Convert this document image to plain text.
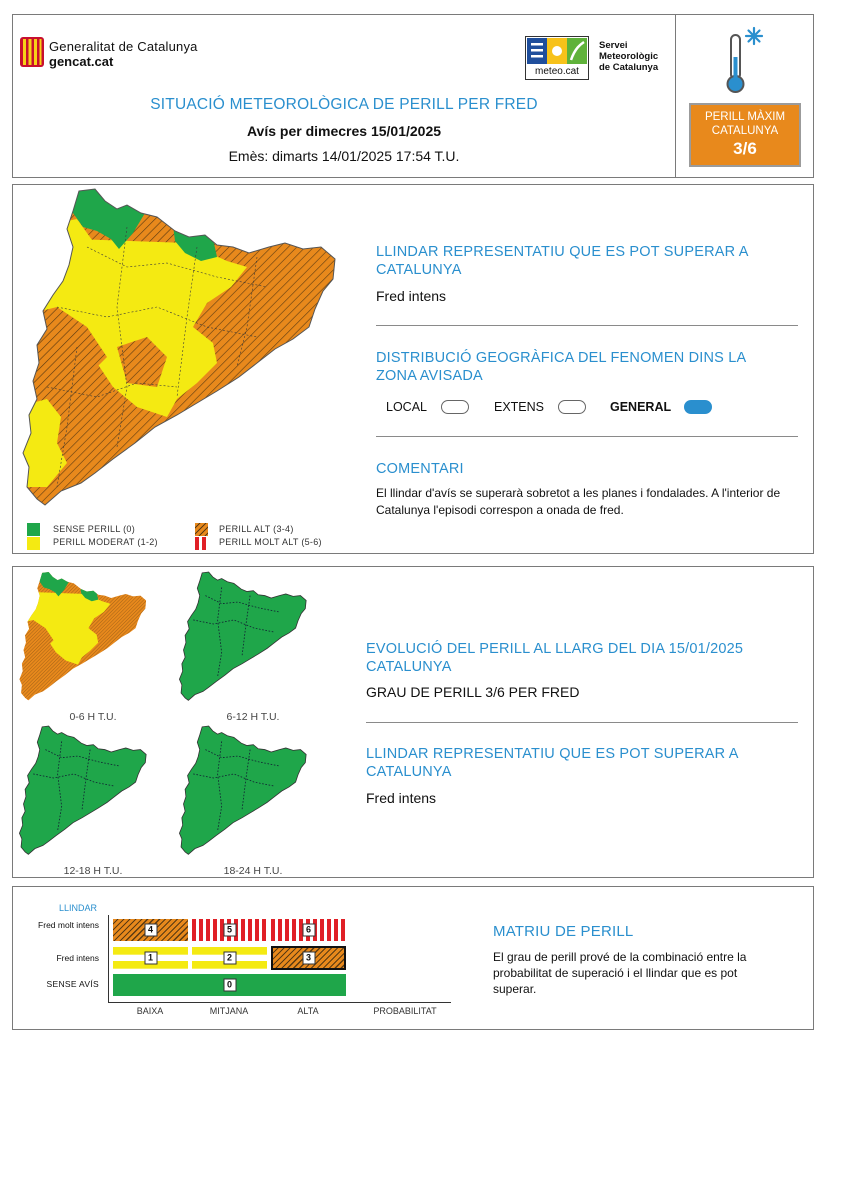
Generalitat de Catalunya
gencat.cat
meteo.cat
Servei
Meteorològic
de Catalunya
SITUACIÓ METEOROLÒGICA DE PERILL PER FRED
Avís per dimecres 15/01/2025
Emès: dimarts 14/01/2025 17:54 T.U.
PERILL MÀXIM
CATALUNYA
3/6
SENSE PERILL (0)
PERILL MODERAT (1-2)
PERILL ALT (3-4)
PERILL MOLT ALT (5-6)
LLINDAR REPRESENTATIU QUE ES POT SUPERAR A CATALUNYA
Fred intens
DISTRIBUCIÓ GEOGRÀFICA DEL FENOMEN DINS LA ZONA AVISADA
LOCAL	EXTENS	GENERAL
COMENTARI
El llindar d'avís se superarà sobretot a les planes i fondalades. A l'interior de Catalunya l'episodi correspon a onada de fred.
0-6 H T.U.	6-12 H T.U.
12-18 H T.U.	18-24 H T.U.
EVOLUCIÓ DEL PERILL AL LLARG DEL DIA 15/01/2025 CATALUNYA
GRAU DE PERILL 3/6 PER FRED
LLINDAR REPRESENTATIU QUE ES POT SUPERAR A CATALUNYA
Fred intens
LLINDAR
Fred molt intens
Fred intens
SENSE AVÍS
4	5	6
1	2	3
0
BAIXA	MITJANA	ALTA	PROBABILITAT
MATRIU DE PERILL
El grau de perill prové de la combinació entre la probabilitat de superació i el llindar que es pot superar.
